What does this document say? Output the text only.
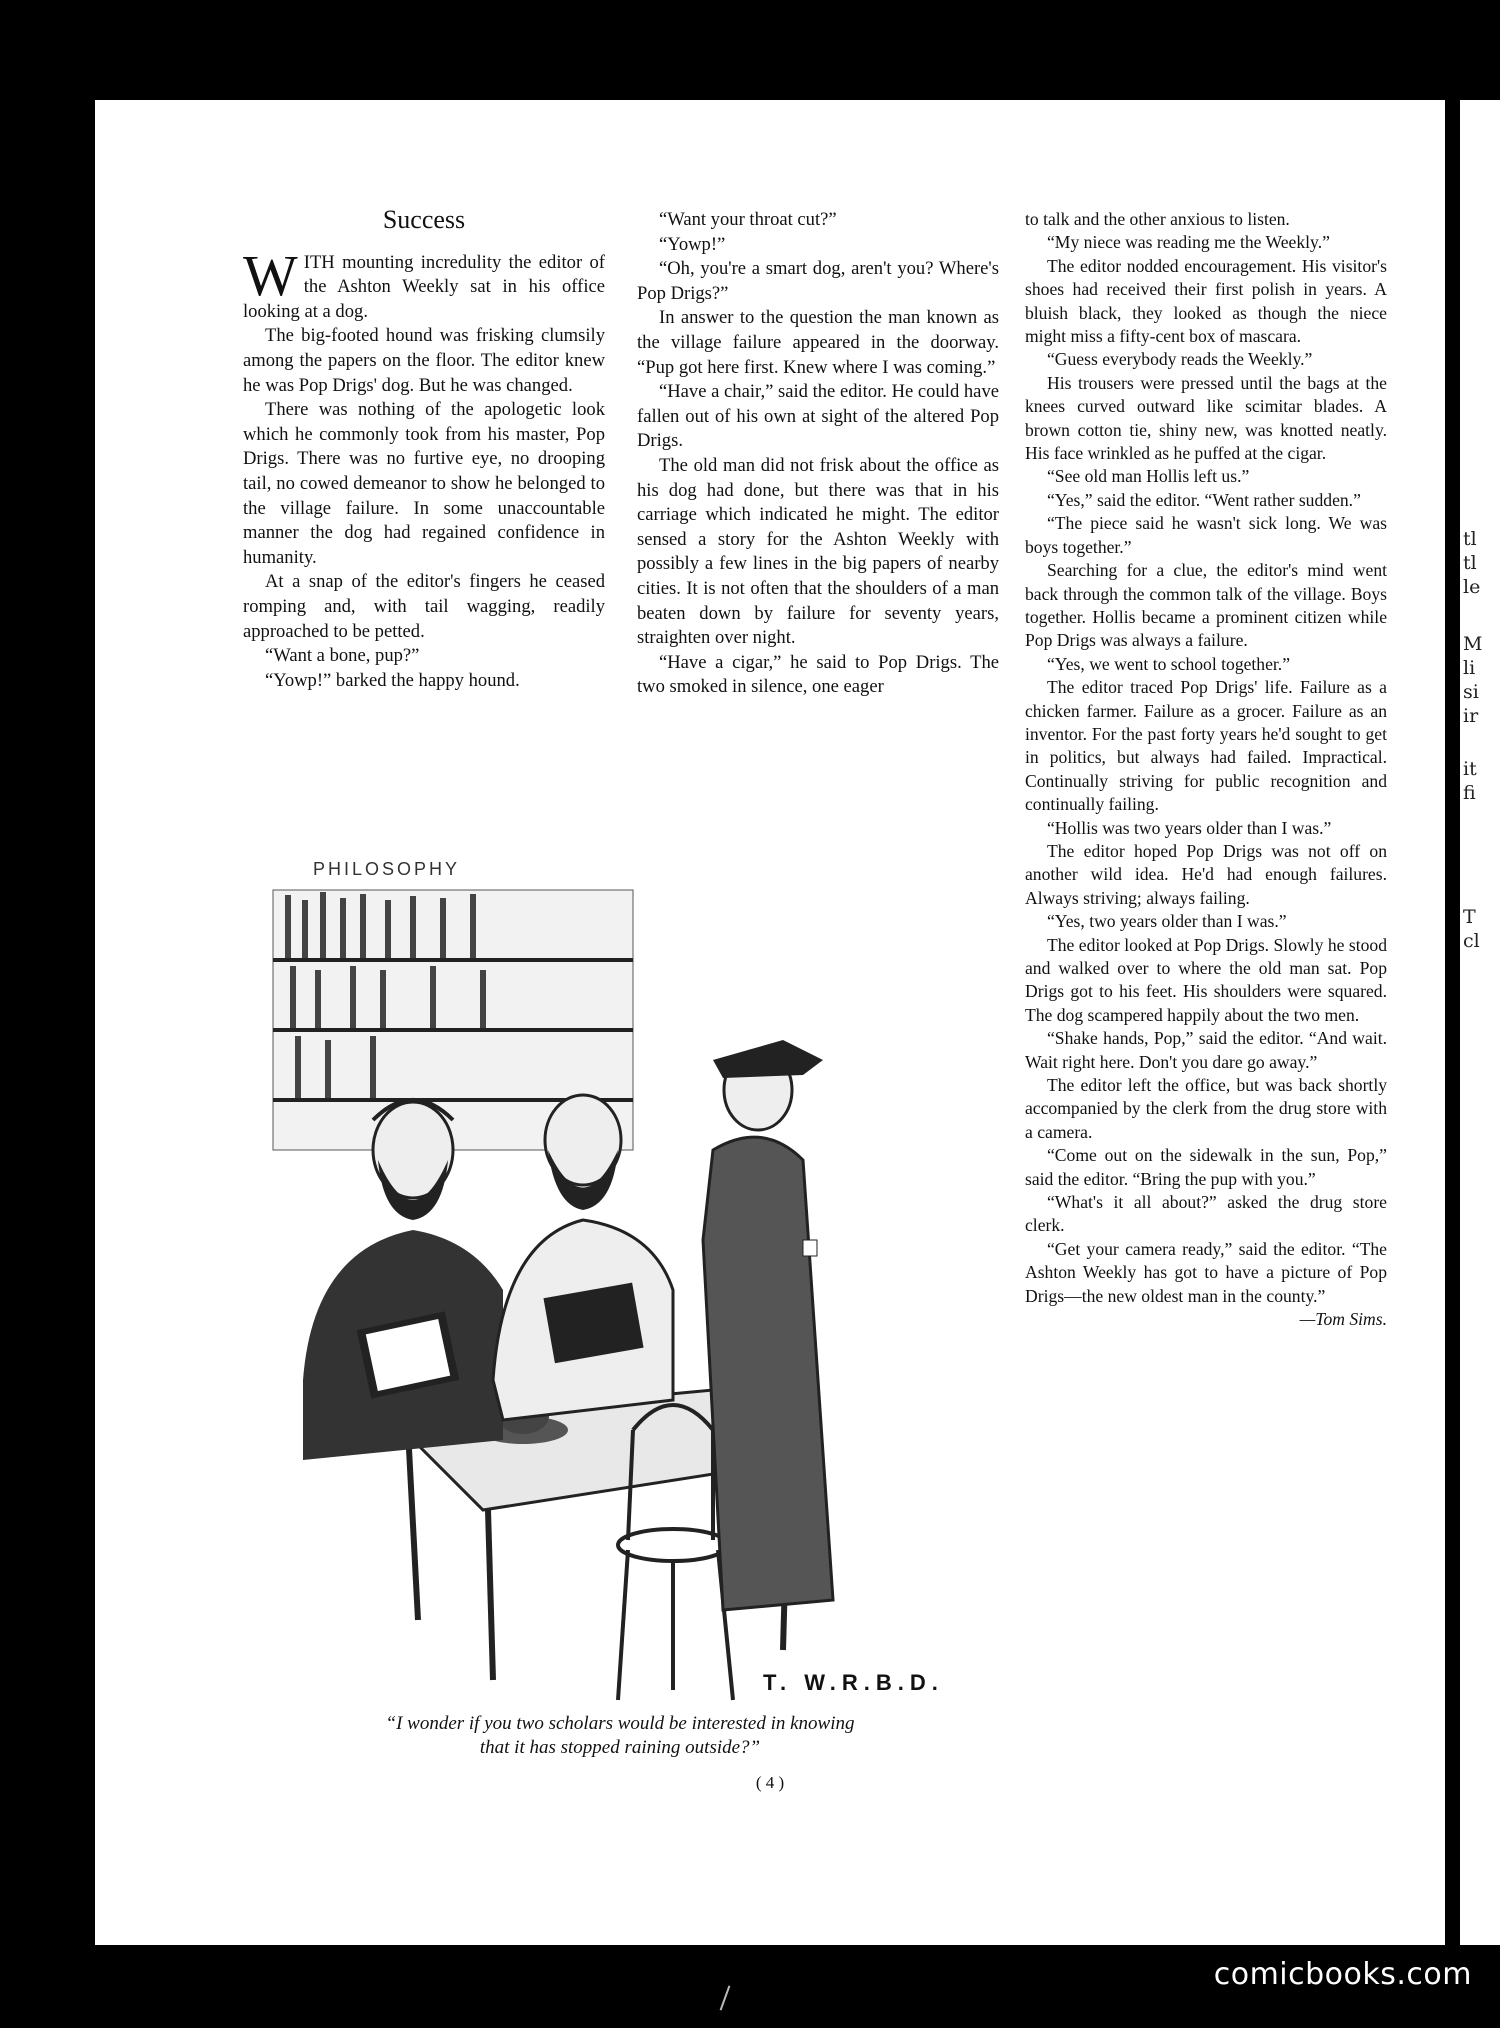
Success

WITH mounting incredulity the editor of the Ashton Weekly sat in his office looking at a dog.

The big-footed hound was frisking clumsily among the papers on the floor. The editor knew he was Pop Drigs' dog. But he was changed.

There was nothing of the apologetic look which he commonly took from his master, Pop Drigs. There was no furtive eye, no drooping tail, no cowed demeanor to show he belonged to the village failure. In some unaccountable manner the dog had regained confidence in humanity.

At a snap of the editor's fingers he ceased romping and, with tail wagging, readily approached to be petted.

“Want a bone, pup?”

“Yowp!” barked the happy hound.

“Want your throat cut?”

“Yowp!”

“Oh, you're a smart dog, aren't you? Where's Pop Drigs?”

In answer to the question the man known as the village failure appeared in the doorway. “Pup got here first. Knew where I was coming.”

“Have a chair,” said the editor. He could have fallen out of his own at sight of the altered Pop Drigs.

The old man did not frisk about the office as his dog had done, but there was that in his carriage which indicated he might. The editor sensed a story for the Ashton Weekly with possibly a few lines in the big papers of nearby cities. It is not often that the shoulders of a man beaten down by failure for seventy years, straighten over night.

“Have a cigar,” he said to Pop Drigs. The two smoked in silence, one eager

to talk and the other anxious to listen.

“My niece was reading me the Weekly.”

The editor nodded encouragement. His visitor's shoes had received their first polish in years. A bluish black, they looked as though the niece might miss a fifty-cent box of mascara.

“Guess everybody reads the Weekly.”

His trousers were pressed until the bags at the knees curved outward like scimitar blades. A brown cotton tie, shiny new, was knotted neatly. His face wrinkled as he puffed at the cigar.

“See old man Hollis left us.”

“Yes,” said the editor. “Went rather sudden.”

“The piece said he wasn't sick long. We was boys together.”

Searching for a clue, the editor's mind went back through the common talk of the village. Boys together. Hollis became a prominent citizen while Pop Drigs was always a failure.

“Yes, we went to school together.”

The editor traced Pop Drigs' life. Failure as a chicken farmer. Failure as a grocer. Failure as an inventor. For the past forty years he'd sought to get in politics, but always had failed. Impractical. Continually striving for public recognition and continually failing.

“Hollis was two years older than I was.”

The editor hoped Pop Drigs was not off on another wild idea. He'd had enough failures. Always striving; always failing.

“Yes, two years older than I was.”

The editor looked at Pop Drigs. Slowly he stood and walked over to where the old man sat. Pop Drigs got to his feet. His shoulders were squared. The dog scampered happily about the two men.

“Shake hands, Pop,” said the editor. “And wait. Wait right here. Don't you dare go away.”

The editor left the office, but was back shortly accompanied by the clerk from the drug store with a camera.

“Come out on the sidewalk in the sun, Pop,” said the editor. “Bring the pup with you.”

“What's it all about?” asked the drug store clerk.

“Get your camera ready,” said the editor. “The Ashton Weekly has got to have a picture of Pop Drigs—the new oldest man in the county.”

—Tom Sims.

PHILOSOPHY
T. W.R.B.D.
“I wonder if you two scholars would be interested in knowing
that it has stopped raining outside?”
( 4 )
tl
tl
le
M
li
si
ir
it
fi
T
cl
comicbooks.com
